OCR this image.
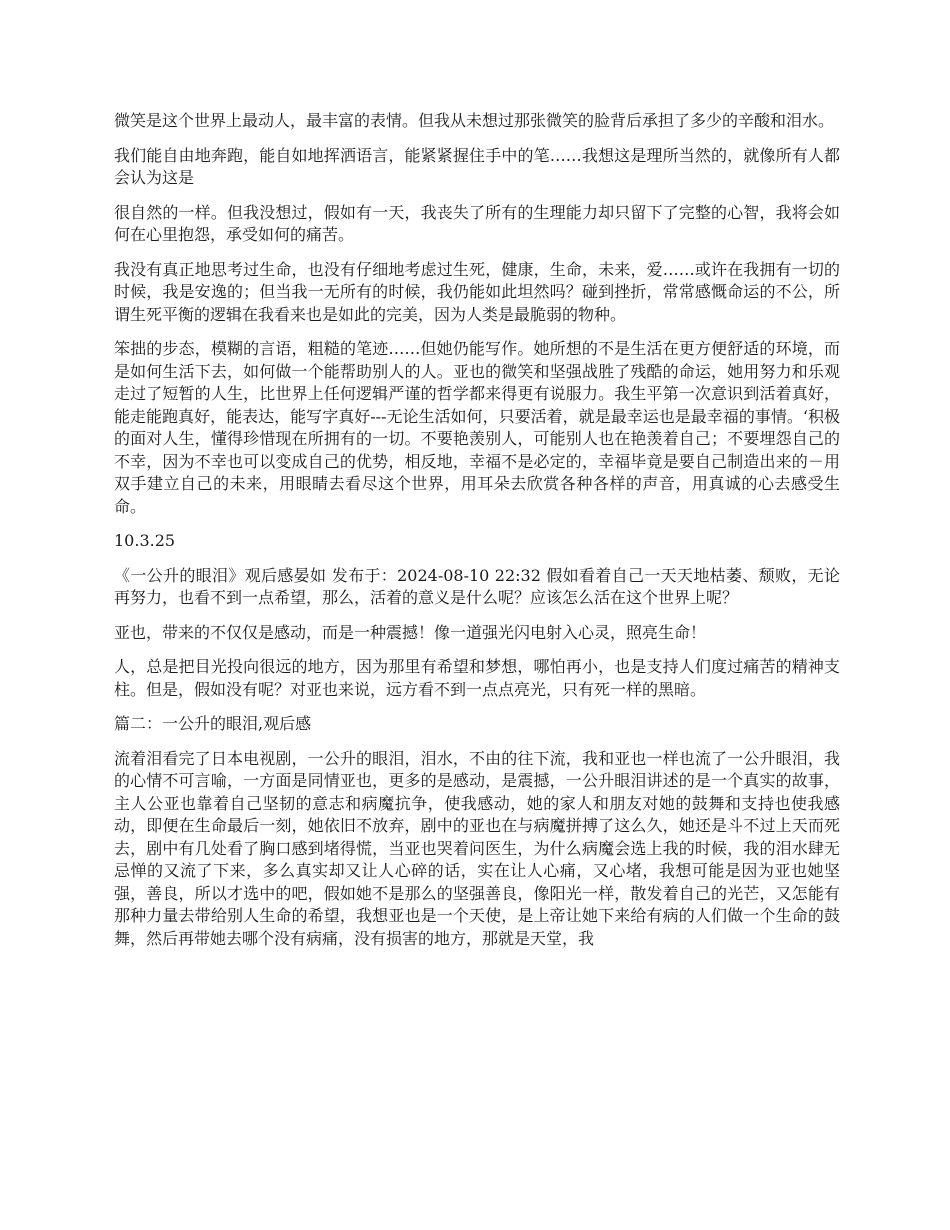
微笑是这个世界上最动人，最丰富的表情。但我从未想过那张微笑的脸背后承担了多少的辛酸和泪水。

我们能自由地奔跑，能自如地挥洒语言，能紧紧握住手中的笔……我想这是理所当然的，就像所有人都会认为这是

很自然的一样。但我没想过，假如有一天，我丧失了所有的生理能力却只留下了完整的心智，我将会如何在心里抱怨，承受如何的痛苦。

我没有真正地思考过生命，也没有仔细地考虑过生死，健康，生命，未来，爱……或许在我拥有一切的时候，我是安逸的；但当我一无所有的时候，我仍能如此坦然吗？碰到挫折，常常感慨命运的不公，所谓生死平衡的逻辑在我看来也是如此的完美，因为人类是最脆弱的物种。

笨拙的步态，模糊的言语，粗糙的笔迹……但她仍能写作。她所想的不是生活在更方便舒适的环境，而是如何生活下去，如何做一个能帮助别人的人。亚也的微笑和坚强战胜了残酷的命运，她用努力和乐观走过了短暂的人生，比世界上任何逻辑严谨的哲学都来得更有说服力。我生平第一次意识到活着真好，能走能跑真好，能表达，能写字真好---无论生活如何，只要活着，就是最幸运也是最幸福的事情。‘积极的面对人生，懂得珍惜现在所拥有的一切。不要艳羡别人，可能别人也在艳羡着自己；不要埋怨自己的不幸，因为不幸也可以变成自己的优势，相反地，幸福不是必定的，幸福毕竟是要自己制造出来的－用双手建立自己的未来，用眼睛去看尽这个世界，用耳朵去欣赏各种各样的声音，用真诚的心去感受生命。

10.3.25

《一公升的眼泪》观后感晏如 发布于：2024-08-10 22:32 假如看着自己一天天地枯萎、颓败，无论再努力，也看不到一点希望，那么，活着的意义是什么呢？应该怎么活在这个世界上呢？

亚也，带来的不仅仅是感动，而是一种震撼！像一道强光闪电射入心灵，照亮生命！

人，总是把目光投向很远的地方，因为那里有希望和梦想，哪怕再小，也是支持人们度过痛苦的精神支柱。但是，假如没有呢？对亚也来说，远方看不到一点点亮光，只有死一样的黑暗。

篇二：一公升的眼泪,观后感

流着泪看完了日本电视剧，一公升的眼泪，泪水，不由的往下流，我和亚也一样也流了一公升眼泪，我的心情不可言喻，一方面是同情亚也，更多的是感动，是震撼，一公升眼泪讲述的是一个真实的故事，主人公亚也靠着自己坚韧的意志和病魔抗争，使我感动，她的家人和朋友对她的鼓舞和支持也使我感动，即便在生命最后一刻，她依旧不放弃，剧中的亚也在与病魔拼搏了这么久，她还是斗不过上天而死去，剧中有几处看了胸口感到堵得慌，当亚也哭着问医生，为什么病魔会选上我的时候，我的泪水肆无忌惮的又流了下来，多么真实却又让人心碎的话，实在让人心痛，又心堵，我想可能是因为亚也她坚强，善良，所以才选中的吧，假如她不是那么的坚强善良，像阳光一样，散发着自己的光芒，又怎能有那种力量去带给别人生命的希望，我想亚也是一个天使，是上帝让她下来给有病的人们做一个生命的鼓舞，然后再带她去哪个没有病痛，没有损害的地方，那就是天堂，我
